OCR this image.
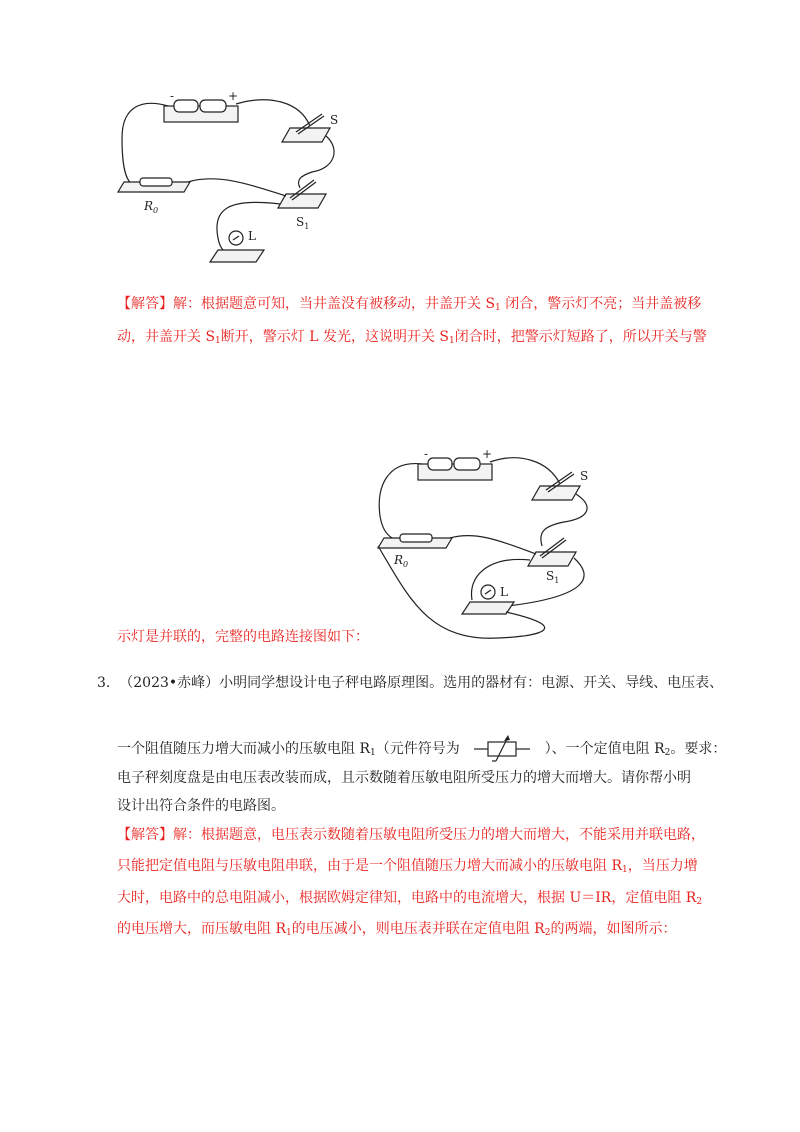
-	+
S
$S_1$
$R_0$
L
【解答】解：根据题意可知，当井盖没有被移动，井盖开关 $S_1$ 闭合，警示灯不亮；当井盖被移
动，井盖开关 $S_1$断开，警示灯 L 发光，这说明开关 $S_1$闭合时，把警示灯短路了，所以开关与警
-	+
S
$S_1$
$R_0$
L
示灯是并联的，完整的电路连接图如下：
3. （2023•赤峰）小明同学想设计电子秤电路原理图。选用的器材有：电源、开关、导线、电压表、
一个阻值随压力增大而减小的压敏电阻 $R_1$（元件符号为	）、一个定值电阻 $R_2$。要求：
电子秤刻度盘是由电压表改装而成，且示数随着压敏电阻所受压力的增大而增大。请你帮小明
设计出符合条件的电路图。
【解答】解：根据题意，电压表示数随着压敏电阻所受压力的增大而增大，不能采用并联电路，
只能把定值电阻与压敏电阻串联，由于是一个阻值随压力增大而减小的压敏电阻 $R_1$，当压力增
大时，电路中的总电阻减小，根据欧姆定律知，电路中的电流增大，根据 U＝IR，定值电阻 $R_2$
的电压增大，而压敏电阻 $R_1$的电压减小，则电压表并联在定值电阻 $R_2$的两端，如图所示：
